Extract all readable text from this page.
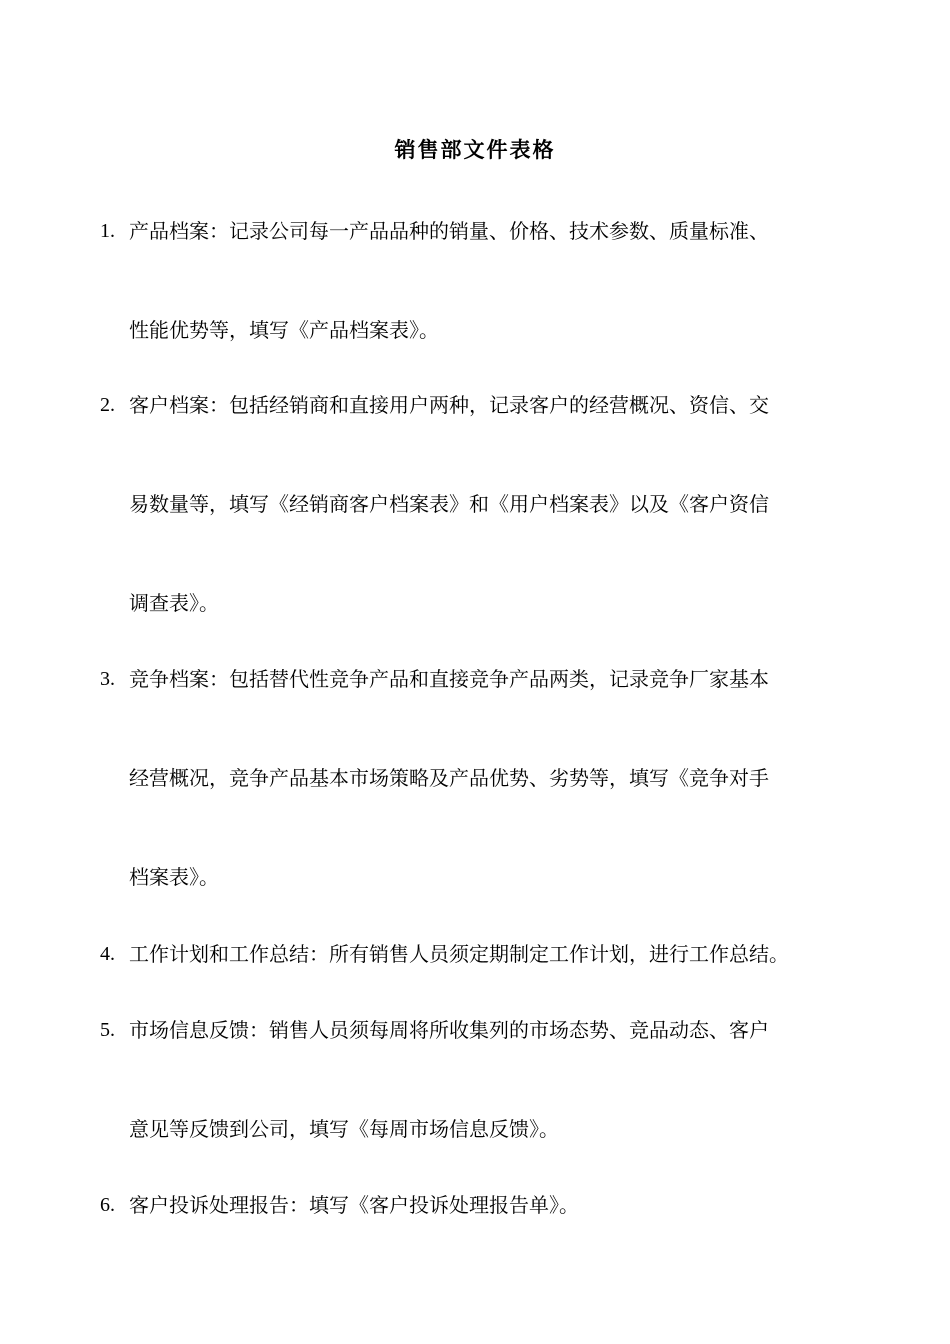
销售部文件表格
1. 产品档案：记录公司每一产品品种的销量、价格、技术参数、质量标准、
性能优势等，填写《产品档案表》。
2. 客户档案：包括经销商和直接用户两种，记录客户的经营概况、资信、交
易数量等，填写《经销商客户档案表》和《用户档案表》以及《客户资信
调查表》。
3. 竞争档案：包括替代性竞争产品和直接竞争产品两类，记录竞争厂家基本
经营概况，竞争产品基本市场策略及产品优势、劣势等，填写《竞争对手
档案表》。
4. 工作计划和工作总结：所有销售人员须定期制定工作计划，进行工作总结。
5. 市场信息反馈：销售人员须每周将所收集列的市场态势、竞品动态、客户
意见等反馈到公司，填写《每周市场信息反馈》。
6. 客户投诉处理报告：填写《客户投诉处理报告单》。
